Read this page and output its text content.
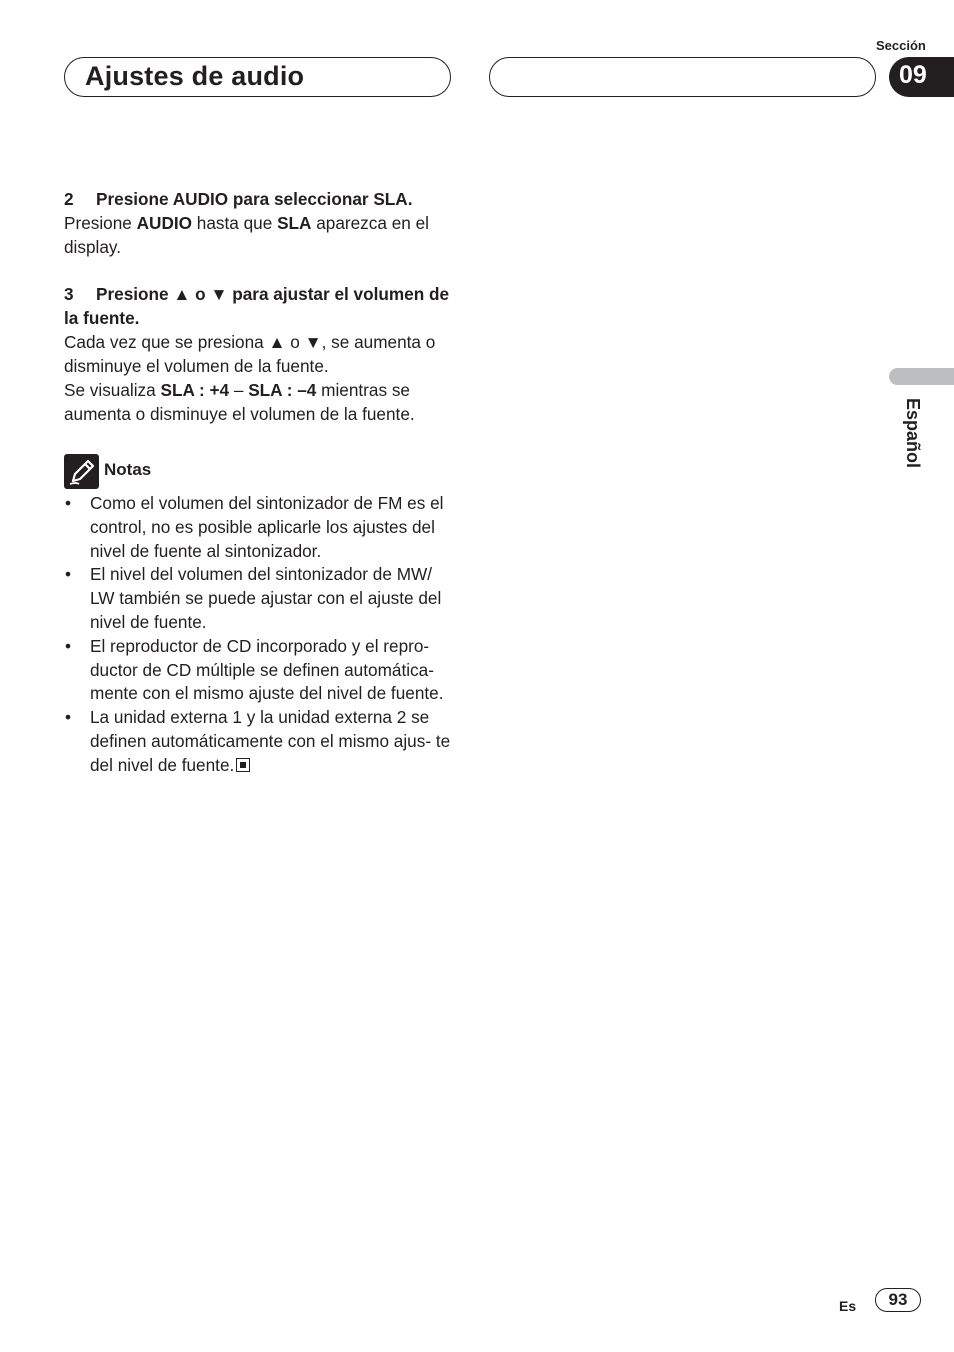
Ajustes de audio
Sección
09
Español

2 Presione AUDIO para seleccionar SLA.

Presione AUDIO hasta que SLA aparezca en el display.

3 Presione ▲ o ▼ para ajustar el volumen de la fuente.

Cada vez que se presiona ▲ o ▼, se aumenta o disminuye el volumen de la fuente.

Se visualiza SLA : +4 – SLA : –4 mientras se aumenta o disminuye el volumen de la fuente.

Notas
• Como el volumen del sintonizador de FM es el control, no es posible aplicarle los ajustes del nivel de fuente al sintonizador.
• El nivel del volumen del sintonizador de MW/ LW también se puede ajustar con el ajuste del nivel de fuente.
• El reproductor de CD incorporado y el repro- ductor de CD múltiple se definen automática- mente con el mismo ajuste del nivel de fuente.
• La unidad externa 1 y la unidad externa 2 se definen automáticamente con el mismo ajus- te del nivel de fuente.
Es	93
